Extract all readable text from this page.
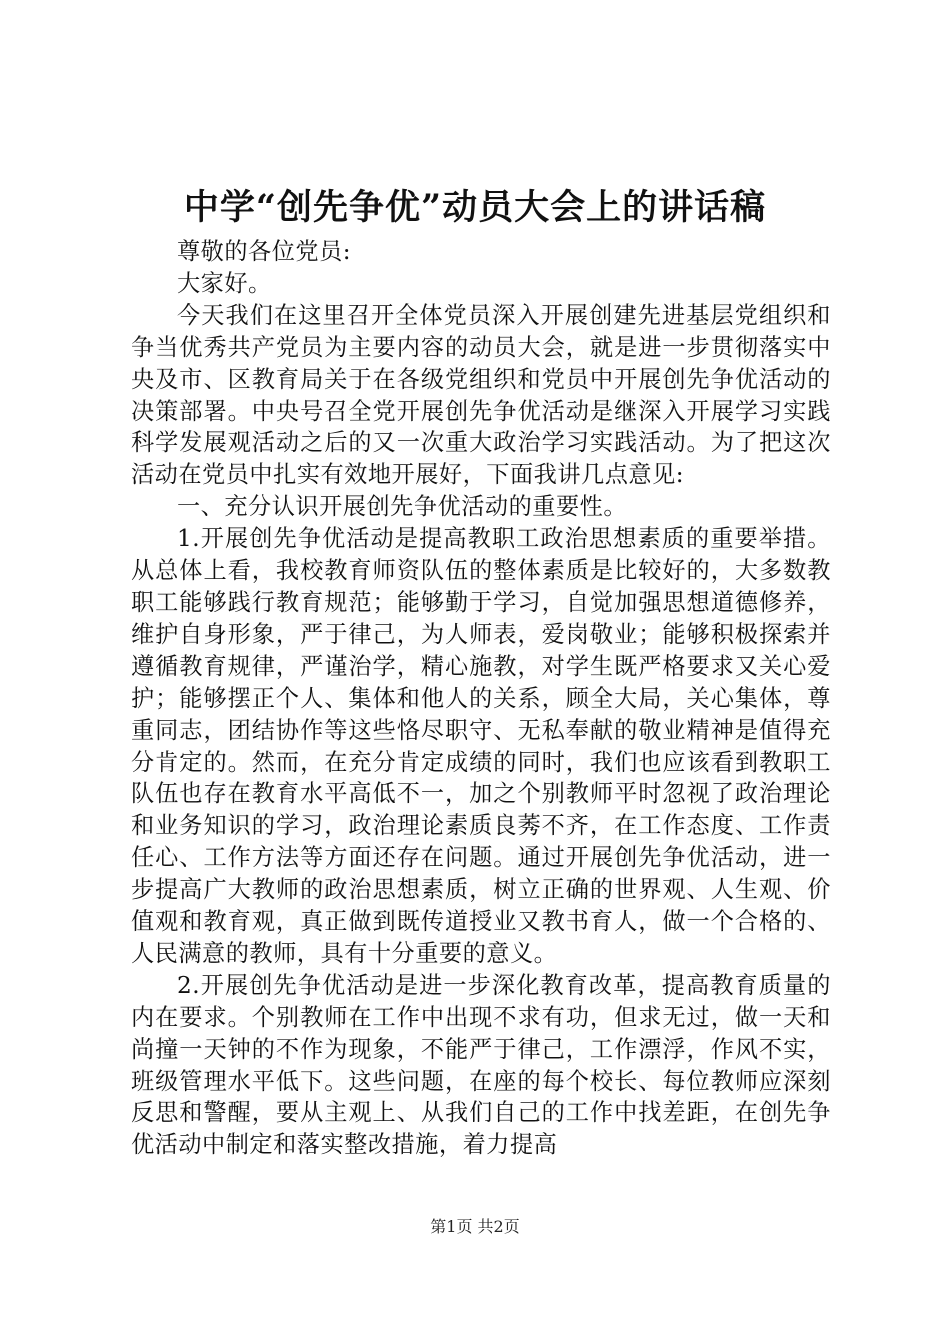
中学“创先争优”动员大会上的讲话稿

尊敬的各位党员:

大家好。

今天我们在这里召开全体党员深入开展创建先进基层党组织和争当优秀共产党员为主要内容的动员大会，就是进一步贯彻落实中央及市、区教育局关于在各级党组织和党员中开展创先争优活动的决策部署。中央号召全党开展创先争优活动是继深入开展学习实践科学发展观活动之后的又一次重大政治学习实践活动。为了把这次活动在党员中扎实有效地开展好，下面我讲几点意见:

一、充分认识开展创先争优活动的重要性。

1.开展创先争优活动是提高教职工政治思想素质的重要举措。从总体上看，我校教育师资队伍的整体素质是比较好的，大多数教职工能够践行教育规范；能够勤于学习，自觉加强思想道德修养，维护自身形象，严于律己，为人师表，爱岗敬业；能够积极探索并遵循教育规律，严谨治学，精心施教，对学生既严格要求又关心爱护；能够摆正个人、集体和他人的关系，顾全大局，关心集体，尊重同志，团结协作等这些恪尽职守、无私奉献的敬业精神是值得充分肯定的。然而，在充分肯定成绩的同时，我们也应该看到教职工队伍也存在教育水平高低不一，加之个别教师平时忽视了政治理论和业务知识的学习，政治理论素质良莠不齐，在工作态度、工作责任心、工作方法等方面还存在问题。通过开展创先争优活动，进一步提高广大教师的政治思想素质，树立正确的世界观、人生观、价值观和教育观，真正做到既传道授业又教书育人，做一个合格的、人民满意的教师，具有十分重要的意义。

2.开展创先争优活动是进一步深化教育改革，提高教育质量的内在要求。个别教师在工作中出现不求有功，但求无过，做一天和尚撞一天钟的不作为现象，不能严于律己，工作漂浮，作风不实，班级管理水平低下。这些问题，在座的每个校长、每位教师应深刻反思和警醒，要从主观上、从我们自己的工作中找差距，在创先争优活动中制定和落实整改措施，着力提高

第1页 共2页
